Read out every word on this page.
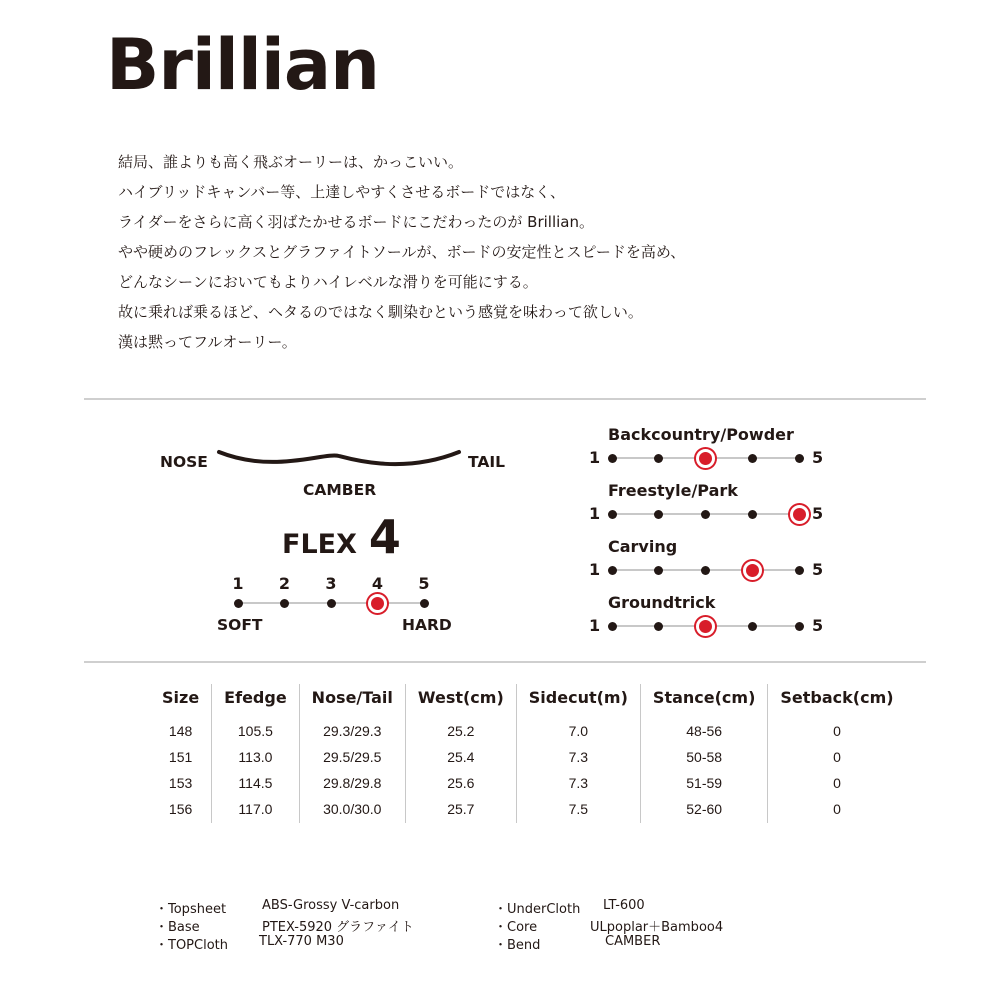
Brillian

結局、誰よりも高く飛ぶオーリーは、かっこいい。

ハイブリッドキャンバー等、上達しやすくさせるボードではなく、

ライダーをさらに高く羽ばたかせるボードにこだわったのが Brillian。

やや硬めのフレックスとグラファイトソールが、ボードの安定性とスピードを高め、

どんなシーンにおいてもよりハイレベルな滑りを可能にする。

故に乗れば乗るほど、ヘタるのではなく馴染むという感覚を味わって欲しい。

漢は黙ってフルオーリー。

NOSE	TAIL
CAMBER
FLEX 4
1 2 3 4 5
SOFT	HARD
Backcountry/Powder
1	5
Freestyle/Park
1	5
Carving
1	5
Groundtrick
1	5
Size	Efedge	Nose/Tail	West(cm)	Sidecut(m)	Stance(cm)	Setback(cm)
148	105.5	29.3/29.3	25.2	7.0	48-56	0
151	113.0	29.5/29.5	25.4	7.3	50-58	0
153	114.5	29.8/29.8	25.6	7.3	51-59	0
156	117.0	30.0/30.0	25.7	7.5	52-60	0
・Topsheet	ABS-Grossy V-carbon
・Base	PTEX-5920 グラファイト
・TOPCloth TLX-770 M30
・UnderCloth LT-600
・Core	ULpoplar＋Bamboo4
・Bend	CAMBER
